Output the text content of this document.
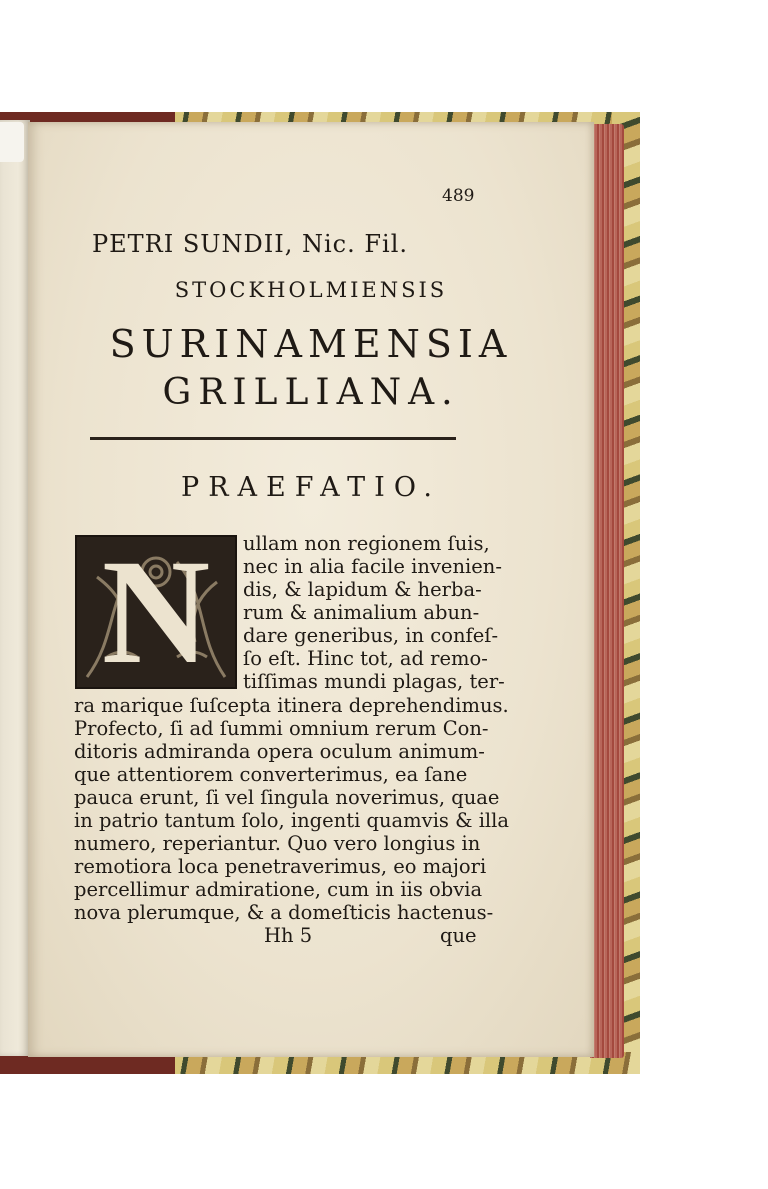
489
PETRI SUNDII, Nic. Fil.
STOCKHOLMIENSIS
SURINAMENSIA
GRILLIANA.
PRAEFATIO.
N ullam non regionem ſuis,
nec in alia facile invenien-
dis, & lapidum & herba-
rum & animalium abun-
dare generibus, in confeſ-
ſo eſt. Hinc tot, ad remo-
tiſſimas mundi plagas, ter-
ra marique ſuſcepta itinera deprehendimus.
Profecto, ſi ad ſummi omnium rerum Con-
ditoris admiranda opera oculum animum-
que attentiorem converterimus, ea ſane
pauca erunt, ſi vel ſingula noverimus, quae
in patrio tantum ſolo, ingenti quamvis & illa
numero, reperiantur. Quo vero longius in
remotiora loca penetraverimus, eo majori
percellimur admiratione, cum in iis obvia
nova plerumque, & a domeſticis hactenus-
Hh 5	que
